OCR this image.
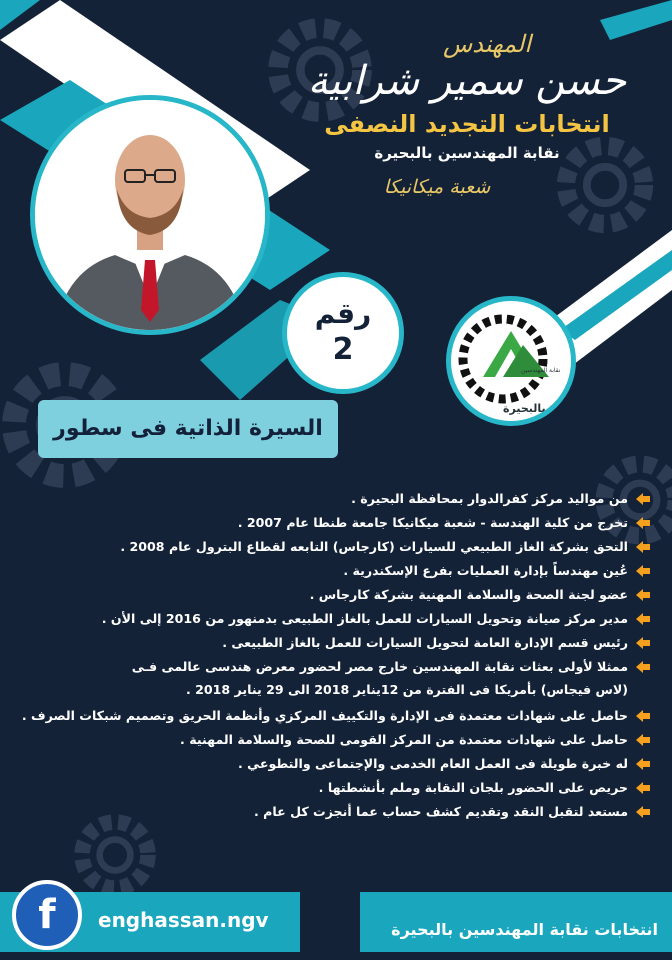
المهندس
حسن سمير شرابية
انتخابات التجديد النصفى
نقابة المهندسين بالبحيرة
شعبة ميكانيكا
رقم
2
نقابة المهندسين
بالبحيرة
السيرة الذاتية فى سطور
من مواليد مركز كفرالدوار بمحافظة البحيرة .
تخرج من كلية الهندسة - شعبة ميكانيكا جامعة طنطا عام 2007 .
التحق بشركة الغاز الطبيعي للسيارات (كارجاس) التابعه لقطاع البترول عام 2008 .
عُين مهندساً بإدارة العمليات بفرع الإسكندرية .
عضو لجنة الصحة والسلامة المهنية بشركة كارجاس .
مدير مركز صيانة وتحويل السيارات للعمل بالغاز الطبيعى بدمنهور من 2016 إلى الأن .
رئيس قسم الإدارة العامة لتحويل السيارات للعمل بالغاز الطبيعى .
ممثلا لأولى بعثات نقابة المهندسين خارج مصر لحضور معرض هندسى عالمى فـى
(لاس فيجاس) بأمريكا فى الفترة من 12يناير 2018 الى 29 يناير 2018 .
حاصل على شهادات معتمدة فى الإدارة والتكييف المركزي وأنظمة الحريق وتصميم شبكات الصرف .
حاصل على شهادات معتمدة من المركز القومى للصحة والسلامة المهنية .
له خبرة طويلة فى العمل العام الخدمى والإجتماعى والتطوعي .
حريص على الحضور بلجان النقابة وملم بأنشطتها .
مستعد لتقبل النقد وتقديم كشف حساب عما أنجزت كل عام .
f	enghassan.ngv	انتخابات نقابة المهندسين بالبحيرة
